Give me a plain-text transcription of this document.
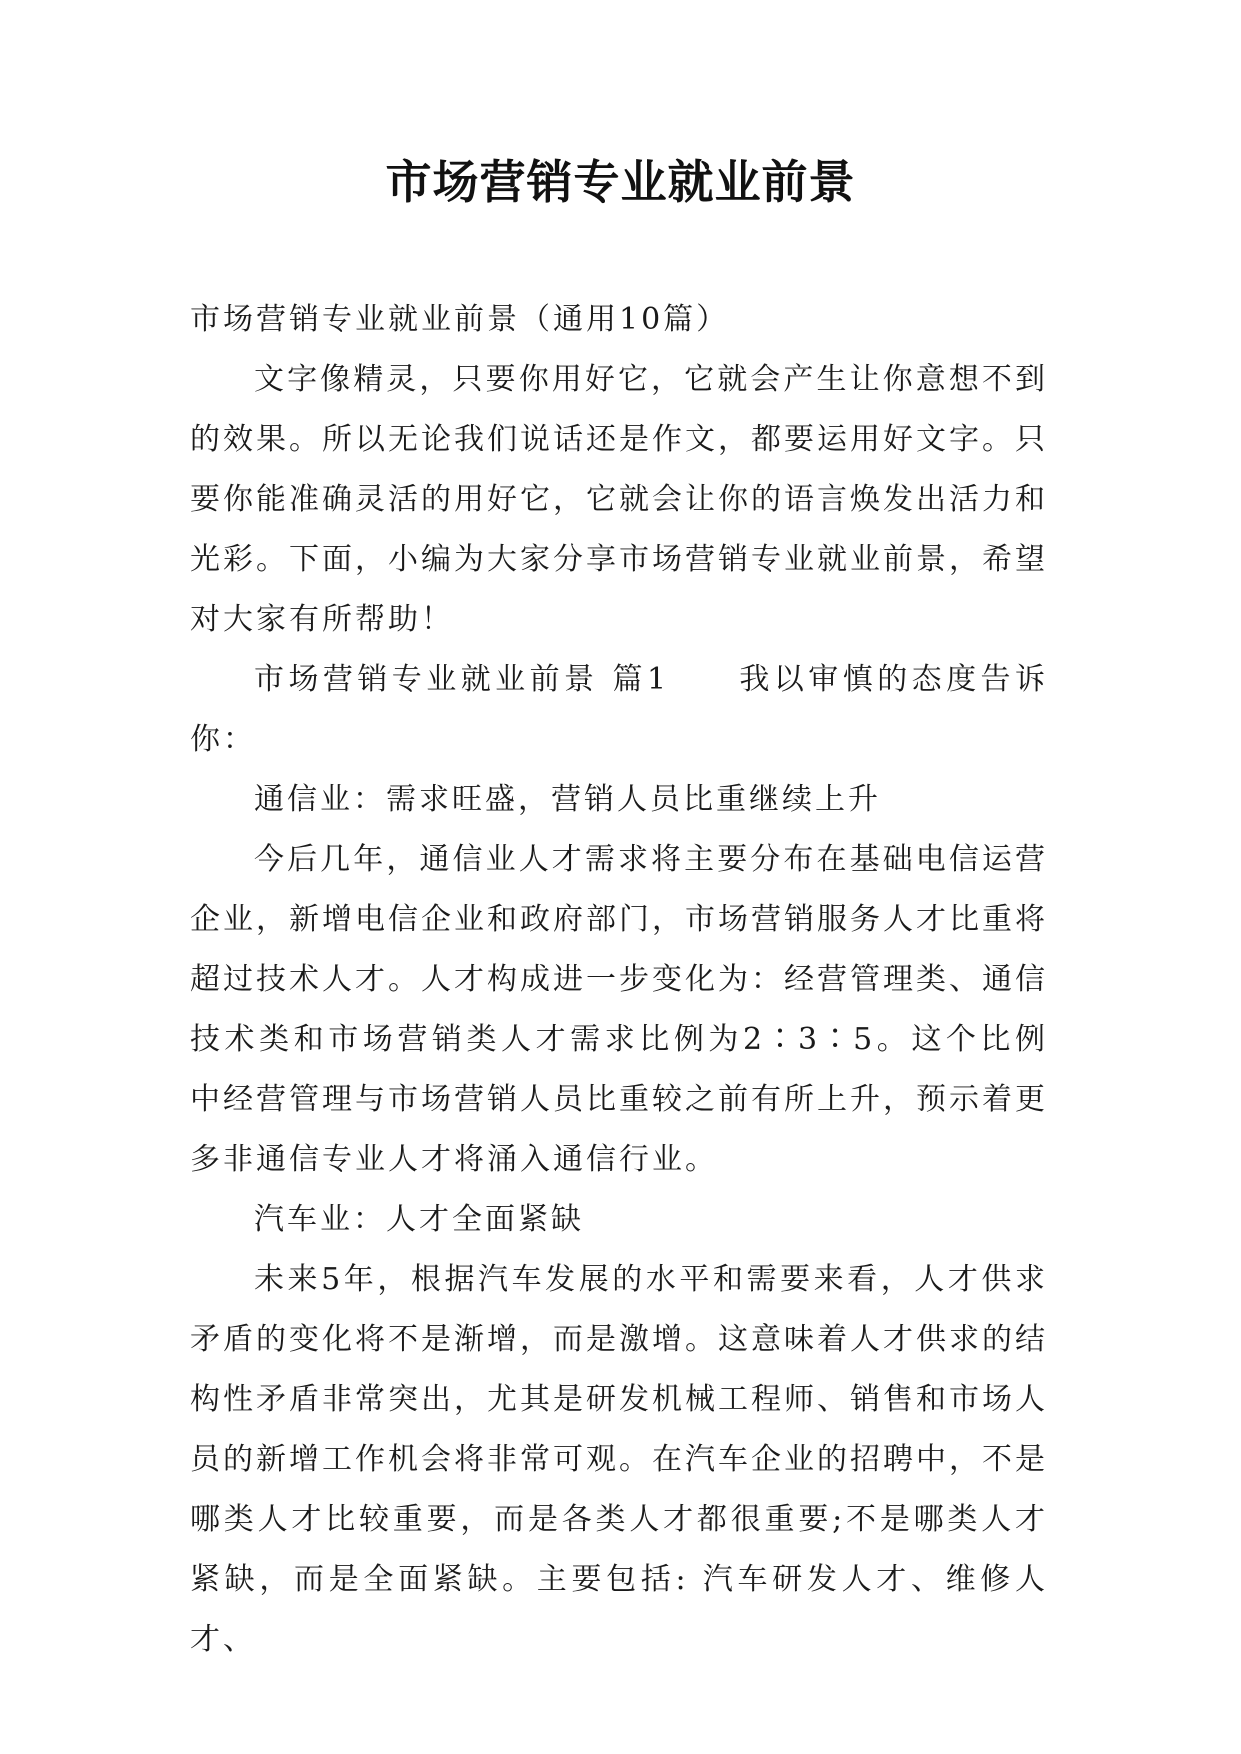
市场营销专业就业前景

市场营销专业就业前景（通用10篇）

文字像精灵，只要你用好它，它就会产生让你意想不到的效果。所以无论我们说话还是作文，都要运用好文字。只要你能准确灵活的用好它，它就会让你的语言焕发出活力和光彩。下面，小编为大家分享市场营销专业就业前景，希望对大家有所帮助！

市场营销专业就业前景 篇1　　我以审慎的态度告诉你：

通信业：需求旺盛，营销人员比重继续上升

今后几年，通信业人才需求将主要分布在基础电信运营企业，新增电信企业和政府部门，市场营销服务人才比重将超过技术人才。人才构成进一步变化为：经营管理类、通信技术类和市场营销类人才需求比例为2∶3∶5。这个比例中经营管理与市场营销人员比重较之前有所上升，预示着更多非通信专业人才将涌入通信行业。

汽车业：人才全面紧缺

未来5年，根据汽车发展的水平和需要来看，人才供求矛盾的变化将不是渐增，而是激增。这意味着人才供求的结构性矛盾非常突出，尤其是研发机械工程师、销售和市场人员的新增工作机会将非常可观。在汽车企业的招聘中，不是哪类人才比较重要，而是各类人才都很重要;不是哪类人才紧缺，而是全面紧缺。主要包括: 汽车研发人才、维修人才、
